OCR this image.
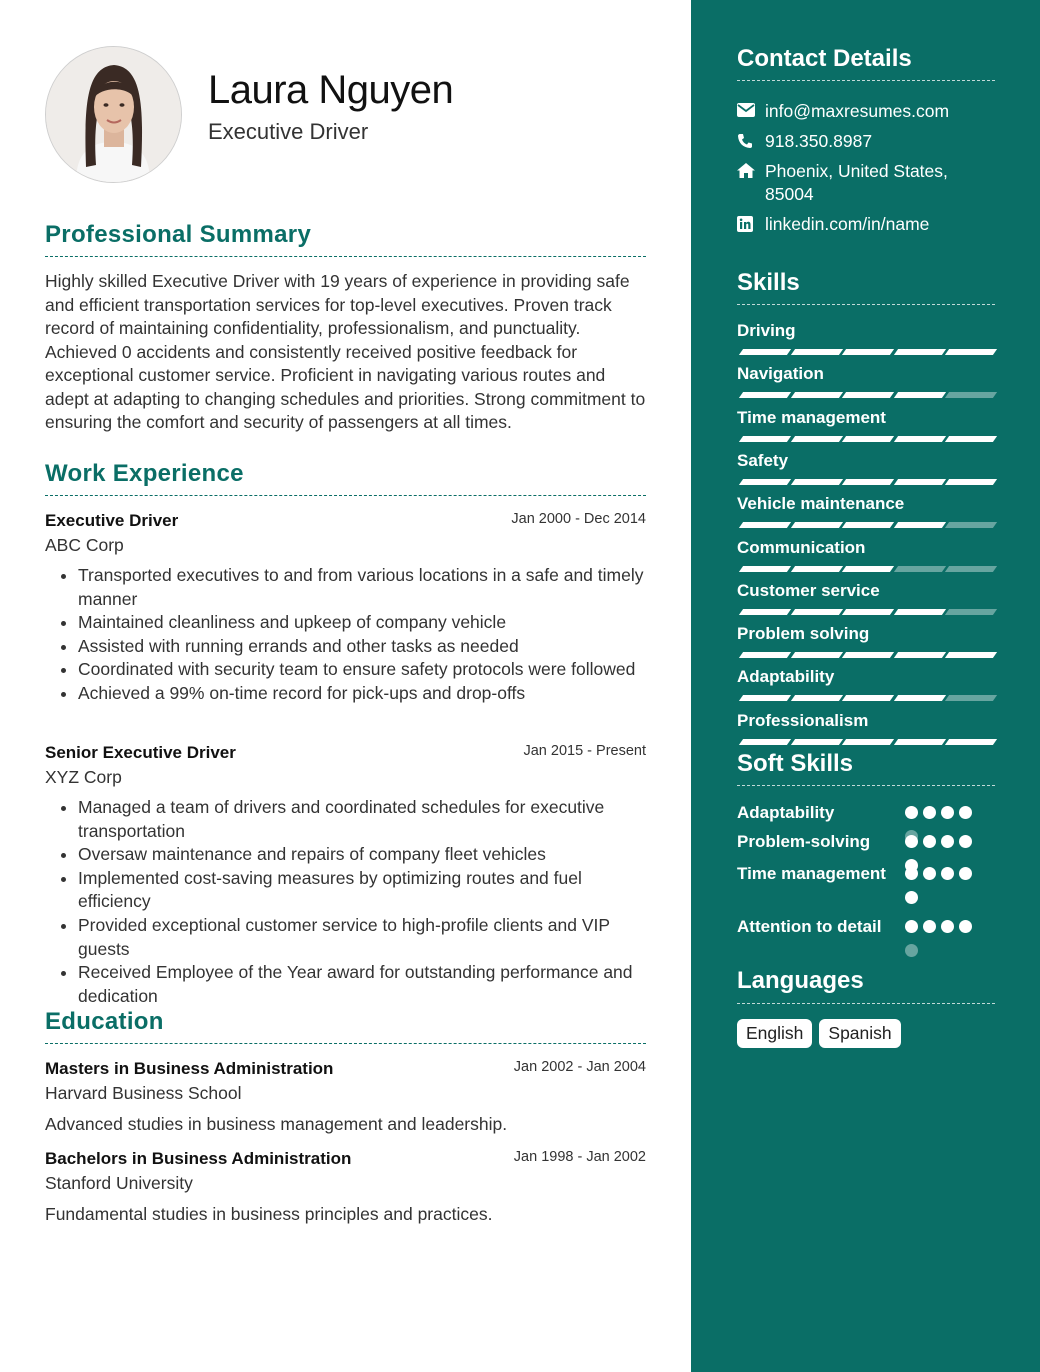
Laura Nguyen
Executive Driver
Professional Summary
Highly skilled Executive Driver with 19 years of experience in providing safe and efficient transportation services for top-level executives. Proven track record of maintaining confidentiality, professionalism, and punctuality. Achieved 0 accidents and consistently received positive feedback for exceptional customer service. Proficient in navigating various routes and adept at adapting to changing schedules and priorities. Strong commitment to ensuring the comfort and security of passengers at all times.
Work Experience
Executive Driver	Jan 2000 - Dec 2014
ABC Corp
• Transported executives to and from various locations in a safe and timely manner
• Maintained cleanliness and upkeep of company vehicle
• Assisted with running errands and other tasks as needed
• Coordinated with security team to ensure safety protocols were followed
• Achieved a 99% on-time record for pick-ups and drop-offs
Senior Executive Driver	Jan 2015 - Present
XYZ Corp
• Managed a team of drivers and coordinated schedules for executive transportation
• Oversaw maintenance and repairs of company fleet vehicles
• Implemented cost-saving measures by optimizing routes and fuel efficiency
• Provided exceptional customer service to high-profile clients and VIP guests
• Received Employee of the Year award for outstanding performance and dedication
Education
Masters in Business Administration	Jan 2002 - Jan 2004
Harvard Business School
Advanced studies in business management and leadership.
Bachelors in Business Administration	Jan 1998 - Jan 2002
Stanford University
Fundamental studies in business principles and practices.
Contact Details
info@maxresumes.com
918.350.8987
Phoenix, United States, 85004
linkedin.com/in/name
Skills
Driving
Navigation
Time management
Safety
Vehicle maintenance
Communication
Customer service
Problem solving
Adaptability
Professionalism
Soft Skills
Adaptability
Problem-solving
Time management
Attention to detail
Languages
English	Spanish
